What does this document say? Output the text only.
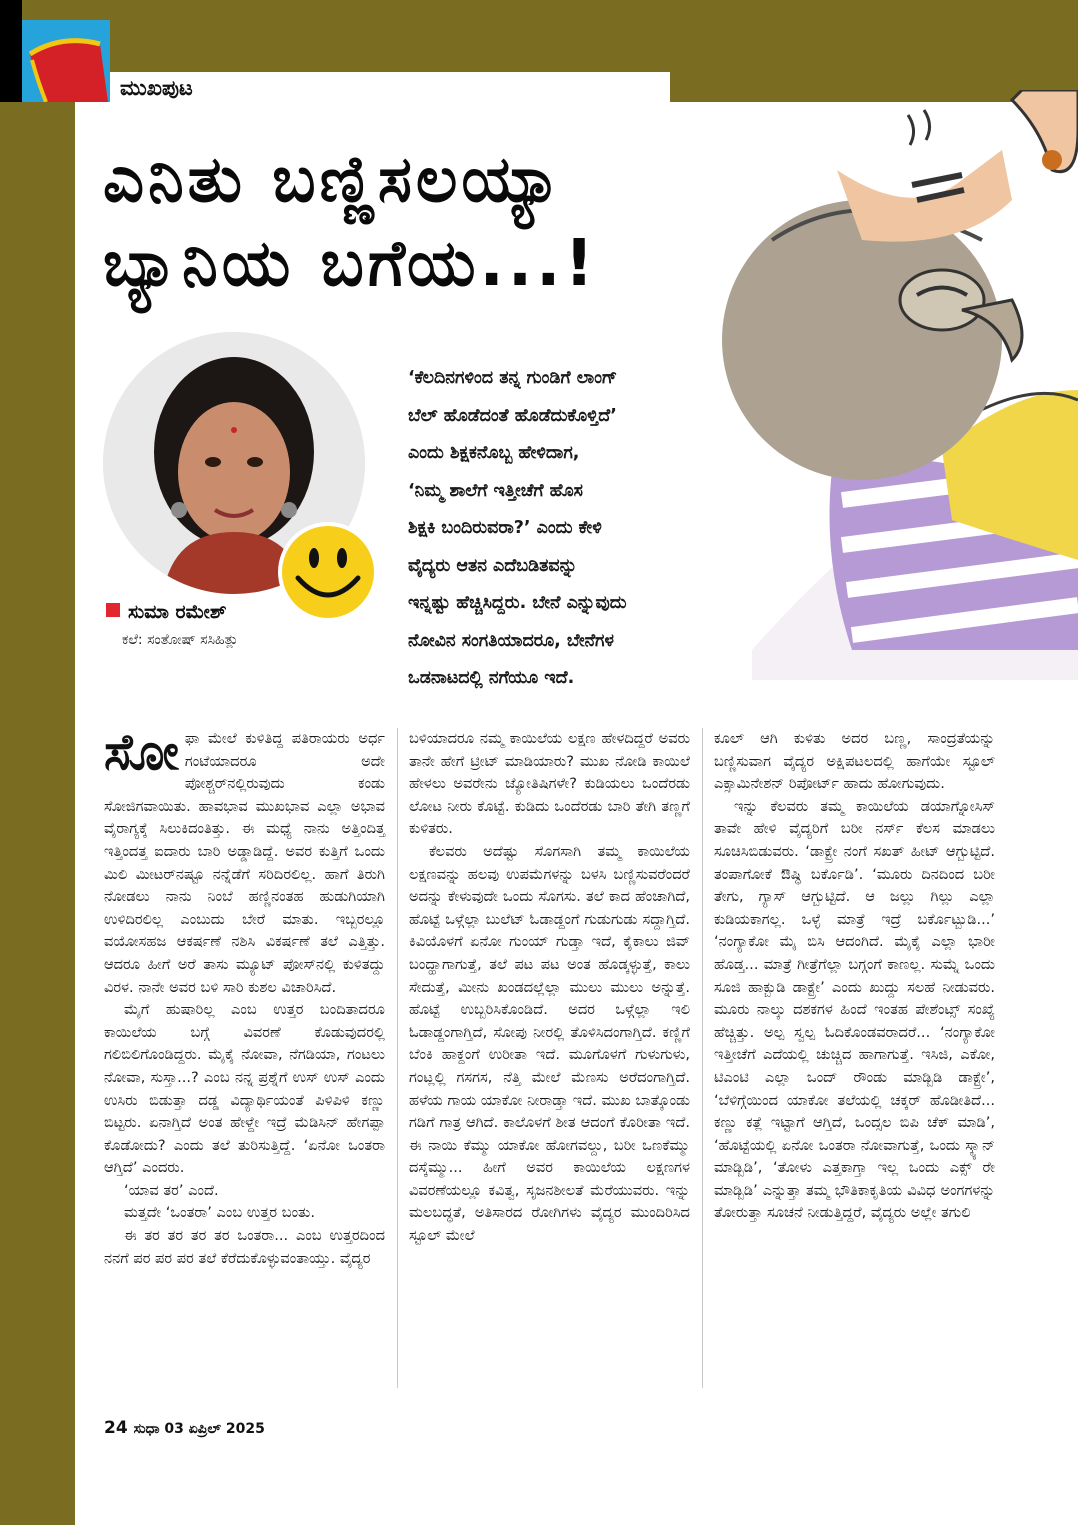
ಮುಖಪುಟ
ಎನಿತು ಬಣ್ಣಿಸಲಯ್ಯಾ
ಬ್ಯಾನಿಯ ಬಗೆಯ...!
ಸುಮಾ ರಮೇಶ್
ಕಲೆ: ಸಂತೋಷ್ ಸಸಿಹಿತ್ಲು
‘ಕೆಲದಿನಗಳಿಂದ ತನ್ನ ಗುಂಡಿಗೆ ಲಾಂಗ್
ಬೆಲ್ ಹೊಡೆದಂತೆ ಹೊಡೆದುಕೊಳ್ತಿದೆ’
ಎಂದು ಶಿಕ್ಷಕನೊಬ್ಬ ಹೇಳಿದಾಗ,
‘ನಿಮ್ಮ ಶಾಲೆಗೆ ಇತ್ತೀಚೆಗೆ ಹೊಸ
ಶಿಕ್ಷಕಿ ಬಂದಿರುವರಾ?’ ಎಂದು ಕೇಳಿ
ವೈದ್ಯರು ಆತನ ಎದೆಬಡಿತವನ್ನು
ಇನ್ನಷ್ಟು ಹೆಚ್ಚಿಸಿದ್ದರು. ಬೇನೆ ಎನ್ನುವುದು
ನೋವಿನ ಸಂಗತಿಯಾದರೂ, ಬೇನೆಗಳ
ಒಡನಾಟದಲ್ಲಿ ನಗೆಯೂ ಇದೆ.

ಸೋಫಾ ಮೇಲೆ ಕುಳಿತಿದ್ದ ಪತಿರಾಯರು ಅರ್ಧ ಗಂಟೆಯಾದರೂ ಅದೇ ಪೋಶ್ಚರ್‌ನಲ್ಲಿರುವುದು ಕಂಡು ಸೋಜಿಗವಾಯಿತು. ಹಾವಭಾವ ಮುಖಭಾವ ಎಲ್ಲಾ ಅಭಾವ ವೈರಾಗ್ಯಕ್ಕೆ ಸಿಲುಕಿದಂತಿತ್ತು. ಈ ಮಧ್ಯೆ ನಾನು ಅತ್ತಿಂದಿತ್ತ ಇತ್ತಿಂದತ್ತ ಐದಾರು ಬಾರಿ ಅಡ್ಡಾಡಿದ್ದೆ. ಅವರ ಕುತ್ತಿಗೆ ಒಂದು ಮಿಲಿ ಮೀಟರ್‌ನಷ್ಟೂ ನನ್ನೆಡೆಗೆ ಸರಿದಿರಲಿಲ್ಲ. ಹಾಗೆ ತಿರುಗಿ ನೋಡಲು ನಾನು ನಿಂಬೆ ಹಣ್ಣಿನಂತಹ ಹುಡುಗಿಯಾಗಿ ಉಳಿದಿರಲಿಲ್ಲ ಎಂಬುದು ಬೇರೆ ಮಾತು. ಇಬ್ಬರಲ್ಲೂ ವಯೋಸಹಜ ಆಕರ್ಷಣೆ ನಶಿಸಿ ವಿಕರ್ಷಣೆ ತಲೆ ಎತ್ತಿತ್ತು. ಆದರೂ ಹೀಗೆ ಅರೆ ತಾಸು ಮ್ಯೂಟ್ ಪೋಸ್‌ನಲ್ಲಿ ಕುಳಿತದ್ದು ವಿರಳ. ನಾನೇ ಅವರ ಬಳಿ ಸಾರಿ ಕುಶಲ ವಿಚಾರಿಸಿದೆ.

ಮೈಗೆ ಹುಷಾರಿಲ್ಲ ಎಂಬ ಉತ್ತರ ಬಂದಿತಾದರೂ ಕಾಯಿಲೆಯ ಬಗ್ಗೆ ವಿವರಣೆ ಕೊಡುವುದರಲ್ಲಿ ಗಲಿಬಿಲಿಗೊಂಡಿದ್ದರು. ಮೈಕೈ ನೋವಾ, ನೆಗಡಿಯಾ, ಗಂಟಲು ನೋವಾ, ಸುಸ್ತಾ...? ಎಂಬ ನನ್ನ ಪ್ರಶ್ನೆಗೆ ಉಸ್ ಉಸ್ ಎಂದು ಉಸಿರು ಬಿಡುತ್ತಾ ದಡ್ಡ ವಿದ್ಯಾರ್ಥಿಯಂತೆ ಪಿಳಿಪಿಳಿ ಕಣ್ಣು ಬಿಟ್ಟರು. ಏನಾಗ್ತಿದೆ ಅಂತ ಹೇಳ್ದೇ ಇದ್ರೆ ಮೆಡಿಸಿನ್ ಹೇಗಪ್ಪಾ ಕೊಡೋದು? ಎಂದು ತಲೆ ತುರಿಸುತ್ತಿದ್ದೆ. ‘ಏನೋ ಒಂತರಾ ಆಗ್ತಿದೆ’ ಎಂದರು.

‘ಯಾವ ತರ’ ಎಂದೆ.

ಮತ್ತದೇ ‘ಒಂತರಾ’ ಎಂಬ ಉತ್ತರ ಬಂತು.

ಈ ತರ ತರ ತರ ತರ ಒಂತರಾ... ಎಂಬ ಉತ್ತರದಿಂದ ನನಗೆ ಪರ ಪರ ಪರ ತಲೆ ಕೆರೆದುಕೊಳ್ಳುವಂತಾಯ್ತು. ವೈದ್ಯರ

ಬಳಿಯಾದರೂ ನಮ್ಮ ಕಾಯಿಲೆಯ ಲಕ್ಷಣ ಹೇಳದಿದ್ದರೆ ಅವರು ತಾನೇ ಹೇಗೆ ಟ್ರೀಟ್ ಮಾಡಿಯಾರು? ಮುಖ ನೋಡಿ ಕಾಯಿಲೆ ಹೇಳಲು ಅವರೇನು ಜ್ಯೋತಿಷಿಗಳೇ? ಕುಡಿಯಲು ಒಂದೆರಡು ಲೋಟ ನೀರು ಕೊಟ್ಟೆ. ಕುಡಿದು ಒಂದೆರಡು ಬಾರಿ ತೇಗಿ ತಣ್ಣಗೆ ಕುಳಿತರು.

ಕೆಲವರು ಅದೆಷ್ಟು ಸೊಗಸಾಗಿ ತಮ್ಮ ಕಾಯಿಲೆಯ ಲಕ್ಷಣವನ್ನು ಹಲವು ಉಪಮೆಗಳನ್ನು ಬಳಸಿ ಬಣ್ಣಿಸುವರೆಂದರೆ ಅದನ್ನು ಕೇಳುವುದೇ ಒಂದು ಸೊಗಸು. ತಲೆ ಕಾದ ಹೆಂಚಾಗಿದೆ, ಹೊಟ್ಟೆ ಒಳ್ಗೆಲ್ಲಾ ಬುಲೆಟ್ ಓಡಾಡ್ದಂಗೆ ಗುಡುಗುಡು ಸದ್ದಾಗ್ತಿದೆ. ಕಿವಿಯೊಳಗೆ ಏನೋ ಗುಂಯ್ ಗುಡ್ತಾ ಇದೆ, ಕೈಕಾಲು ಜಿವ್ ಬಂದ್ಹಾಗಾಗುತ್ತೆ, ತಲೆ ಪಟ ಪಟ ಅಂತ ಹೊಡ್ಕಳ್ಳುತ್ತೆ, ಕಾಲು ಸೇದುತ್ತೆ, ಮೀನು ಖಂಡದಲ್ಲೆಲ್ಲಾ ಮುಲು ಮುಲು ಅನ್ನುತ್ತೆ. ಹೊಟ್ಟೆ ಉಬ್ಬರಿಸಿಕೊಂಡಿದೆ. ಅದರ ಒಳ್ಗೆಲ್ಲಾ ಇಲಿ ಓಡಾಡ್ದಂಗಾಗ್ತಿದೆ, ಸೋಪು ನೀರಲ್ಲಿ ತೊಳಿಸಿದಂಗಾಗ್ತಿದೆ. ಕಣ್ಣಿಗೆ ಬೆಂಕಿ ಹಾಕ್ದಂಗೆ ಉರೀತಾ ಇದೆ. ಮೂಗೊಳಗೆ ಗುಳುಗುಳು, ಗಂಟ್ಲಲ್ಲಿ ಗಸಗಸ, ನೆತ್ತಿ ಮೇಲೆ ಮೆಣಸು ಅರೆದಂಗಾಗ್ತಿದೆ. ಹಳೆಯ ಗಾಯ ಯಾಕೋ ನೀರಾಡ್ತಾ ಇದೆ. ಮುಖ ಬಾತ್ಕೊಂಡು ಗಡಿಗೆ ಗಾತ್ರ ಆಗಿದೆ. ಕಾಲೊಳಗೆ ಶೀತ ಆದಂಗೆ ಕೊರೀತಾ ಇದೆ. ಈ ನಾಯಿ ಕೆಮ್ಮು ಯಾಕೋ ಹೋಗವಲ್ದು, ಬರೀ ಒಣಕೆಮ್ಮು ದಸ್ಕೆಮ್ಮು... ಹೀಗೆ ಅವರ ಕಾಯಿಲೆಯ ಲಕ್ಷಣಗಳ ವಿವರಣೆಯಲ್ಲೂ ಕವಿತ್ವ, ಸೃಜನಶೀಲತೆ ಮೆರೆಯುವರು. ಇನ್ನು ಮಲಬದ್ಧತೆ, ಅತಿಸಾರದ ರೋಗಿಗಳು ವೈದ್ಯರ ಮುಂದಿರಿಸಿದ ಸ್ಟೂಲ್ ಮೇಲೆ

ಕೂಲ್ ಆಗಿ ಕುಳಿತು ಅದರ ಬಣ್ಣ, ಸಾಂದ್ರತೆಯನ್ನು ಬಣ್ಣಿಸುವಾಗ ವೈದ್ಯರ ಅಕ್ಷಿಪಟಲದಲ್ಲಿ ಹಾಗೆಯೇ ಸ್ಟೂಲ್ ಎಕ್ಸಾಮಿನೇಶನ್ ರಿಪೋರ್ಟ್ ಹಾದು ಹೋಗುವುದು.

ಇನ್ನು ಕೆಲವರು ತಮ್ಮ ಕಾಯಿಲೆಯ ಡಯಾಗ್ನೋಸಿಸ್ ತಾವೇ ಹೇಳಿ ವೈದ್ಯರಿಗೆ ಬರೀ ನರ್ಸ್ ಕೆಲಸ ಮಾಡಲು ಸೂಚಿಸಿಬಿಡುವರು. ‘ಡಾಕ್ಟ್ರೇ ನಂಗೆ ಸಖತ್ ಹೀಟ್ ಆಗ್ಬುಟ್ಟಿದೆ. ತಂಪಾಗೋಕೆ ಔಷ್ಧಿ ಬರ್ಕೊಡಿ’. ‘ಮೂರು ದಿನದಿಂದ ಬರೀ ತೇಗು, ಗ್ಯಾಸ್ ಆಗ್ಬುಟ್ಟಿದೆ. ಆ ಜಲ್ಲು ಗಿಲ್ಲು ಎಲ್ಲಾ ಕುಡಿಯಕಾಗಲ್ಲ. ಒಳ್ಳೆ ಮಾತ್ರೆ ಇದ್ರೆ ಬರ್ಕೊಟ್ಬುಡಿ...’ ‘ನಂಗ್ಯಾಕೋ ಮೈ ಬಿಸಿ ಆದಂಗಿದೆ. ಮೈಕೈ ಎಲ್ಲಾ ಭಾರೀ ಹೊಡ್ತ... ಮಾತ್ರೆ ಗೀತ್ರೆಗೆಲ್ಲಾ ಬಗ್ಗಂಗೆ ಕಾಣಲ್ಲ. ಸುಮ್ನೆ ಒಂದು ಸೂಜಿ ಹಾಕ್ಬುಡಿ ಡಾಕ್ಟ್ರೇ’ ಎಂದು ಖುದ್ದು ಸಲಹೆ ನೀಡುವರು. ಮೂರು ನಾಲ್ಕು ದಶಕಗಳ ಹಿಂದೆ ಇಂತಹ ಪೇಶೆಂಟ್ಸ್ ಸಂಖ್ಯೆ ಹೆಚ್ಚಿತ್ತು. ಅಲ್ಪ ಸ್ವಲ್ಪ ಓದಿಕೊಂಡವರಾದರೆ... ‘ನಂಗ್ಯಾಕೋ ಇತ್ತೀಚೆಗೆ ಎದೆಯಲ್ಲಿ ಚುಚ್ಚಿದ ಹಾಗಾಗುತ್ತೆ. ಇಸಿಜಿ, ಎಕೋ, ಟಿಎಂಟಿ ಎಲ್ಲಾ ಒಂದ್ ರೌಂಡು ಮಾಡ್ಬಿಡಿ ಡಾಕ್ಟ್ರೇ’, ‘ಬೆಳಿಗ್ಗೆಯಿಂದ ಯಾಕೋ ತಲೆಯಲ್ಲಿ ಚಕ್ಕರ್ ಹೊಡೀತಿದೆ... ಕಣ್ಣು ಕತ್ಲೆ ಇಟ್ಟಾಗೆ ಆಗ್ತಿದೆ, ಒಂದ್ಸಲ ಬಿಪಿ ಚೆಕ್ ಮಾಡಿ’, ‘ಹೊಟ್ಟೆಯಲ್ಲಿ ಏನೋ ಒಂತರಾ ನೋವಾಗುತ್ತೆ, ಒಂದು ಸ್ಕ್ಯಾನ್ ಮಾಡ್ಬಿಡಿ’, ‘ತೋಳು ಎತ್ತಕಾಗ್ತಾ ಇಲ್ಲ ಒಂದು ಎಕ್ಸ್ ರೇ ಮಾಡ್ಬಿಡಿ’ ಎನ್ನುತ್ತಾ ತಮ್ಮ ಭೌತಿಕಾಕೃತಿಯ ವಿವಿಧ ಅಂಗಗಳನ್ನು ತೋರುತ್ತಾ ಸೂಚನೆ ನೀಡುತ್ತಿದ್ದರೆ, ವೈದ್ಯರು ಅಲ್ಲೇ ತಗುಲಿ

24 ಸುಧಾ 03 ಏಪ್ರಿಲ್ 2025
